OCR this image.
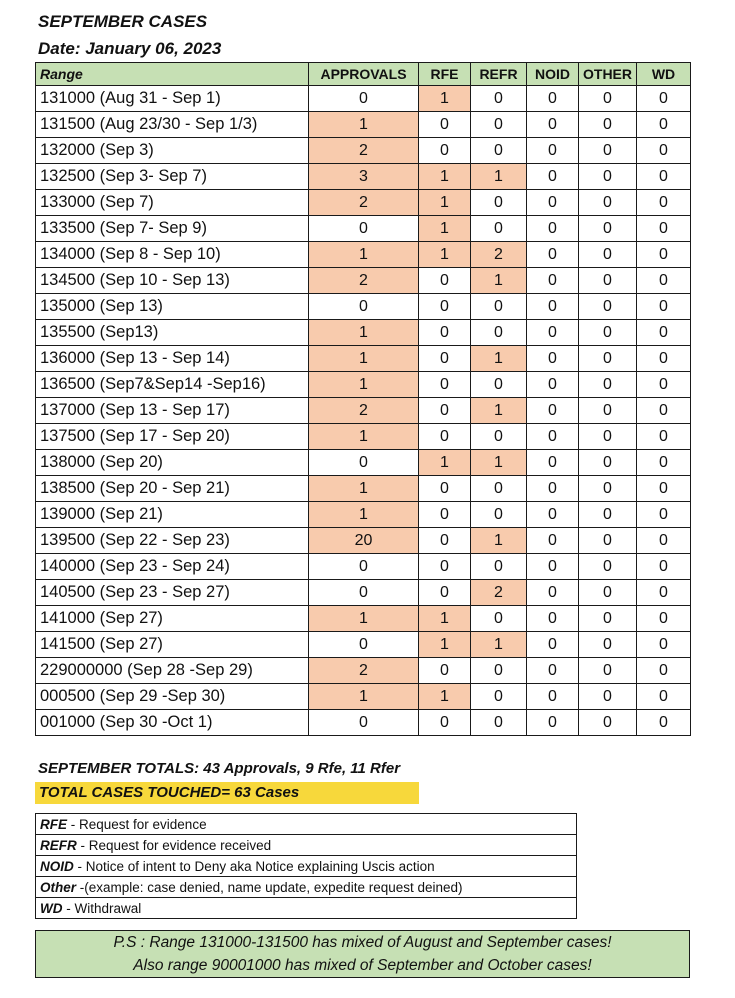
SEPTEMBER CASES
Date: January 06, 2023
Range	APPROVALS	RFE	REFR	NOID	OTHER	WD
131000 (Aug 31 - Sep 1)	0	1	0	0	0	0
131500 (Aug 23/30 - Sep 1/3)	1	0	0	0	0	0
132000 (Sep 3)	2	0	0	0	0	0
132500 (Sep 3- Sep 7)	3	1	1	0	0	0
133000 (Sep 7)	2	1	0	0	0	0
133500 (Sep 7- Sep 9)	0	1	0	0	0	0
134000 (Sep 8 - Sep 10)	1	1	2	0	0	0
134500 (Sep 10 - Sep 13)	2	0	1	0	0	0
135000 (Sep 13)	0	0	0	0	0	0
135500 (Sep13)	1	0	0	0	0	0
136000 (Sep 13 - Sep 14)	1	0	1	0	0	0
136500 (Sep7&Sep14 -Sep16)	1	0	0	0	0	0
137000 (Sep 13 - Sep 17)	2	0	1	0	0	0
137500 (Sep 17 - Sep 20)	1	0	0	0	0	0
138000 (Sep 20)	0	1	1	0	0	0
138500 (Sep 20 - Sep 21)	1	0	0	0	0	0
139000 (Sep 21)	1	0	0	0	0	0
139500 (Sep 22 - Sep 23)	20	0	1	0	0	0
140000 (Sep 23 - Sep 24)	0	0	0	0	0	0
140500 (Sep 23 - Sep 27)	0	0	2	0	0	0
141000 (Sep 27)	1	1	0	0	0	0
141500 (Sep 27)	0	1	1	0	0	0
229000000 (Sep 28 -Sep 29)	2	0	0	0	0	0
000500 (Sep 29 -Sep 30)	1	1	0	0	0	0
001000 (Sep 30 -Oct 1)	0	0	0	0	0	0
SEPTEMBER TOTALS: 43 Approvals, 9 Rfe, 11 Rfer
TOTAL CASES TOUCHED= 63 Cases
RFE - Request for evidence
REFR - Request for evidence received
NOID - Notice of intent to Deny aka Notice explaining Uscis action
Other -(example: case denied, name update, expedite request deined)
WD - Withdrawal
P.S : Range 131000-131500 has mixed of August and September cases!
Also range 90001000 has mixed of September and October cases!
